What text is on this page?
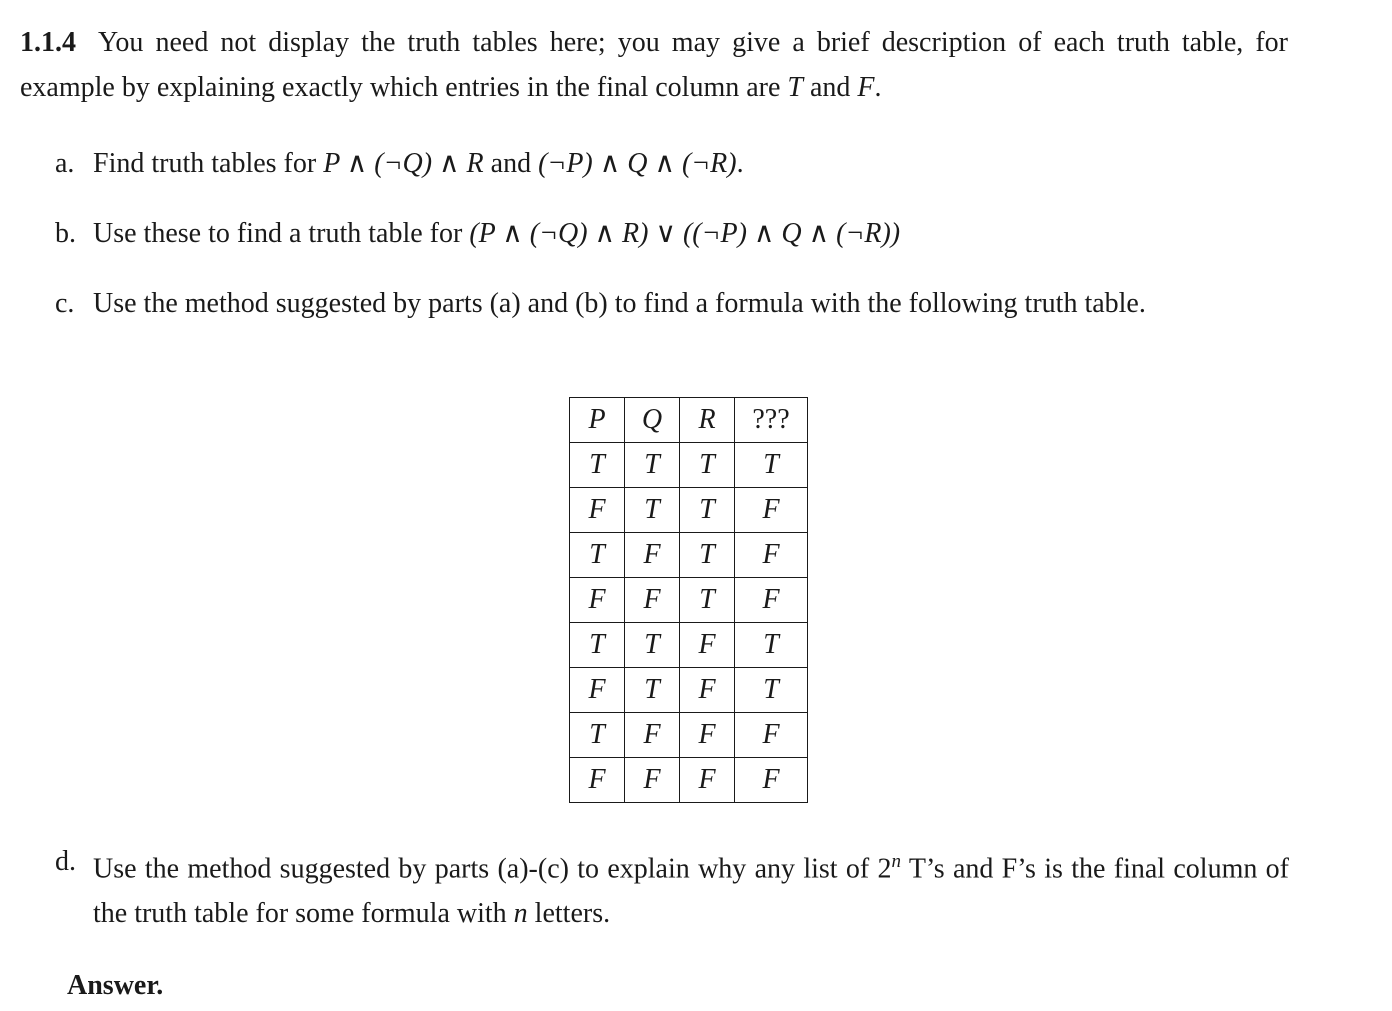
1.1.4 You need not display the truth tables here; you may give a brief description of each truth table, for example by explaining exactly which entries in the final column are T and F.
a. Find truth tables for P ∧ (¬Q) ∧ R and (¬P) ∧ Q ∧ (¬R).
b. Use these to find a truth table for (P ∧ (¬Q) ∧ R) ∨ ((¬P) ∧ Q ∧ (¬R))
c. Use the method suggested by parts (a) and (b) to find a formula with the following truth table.
P	Q	R	???
T	T	T	T
F	T	T	F
T	F	T	F
F	F	T	F
T	T	F	T
F	T	F	T
T	F	F	F
F	F	F	F
d. Use the method suggested by parts (a)-(c) to explain why any list of 2$^n$ T’s and F’s is the final column of the truth table for some formula with n letters.
Answer.
